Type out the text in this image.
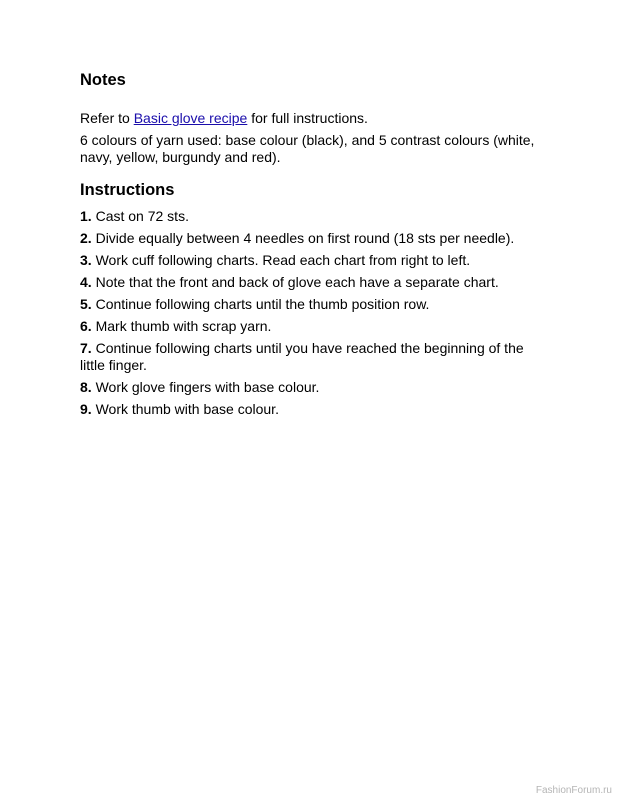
Notes

Refer to Basic glove recipe for full instructions.

6 colours of yarn used: base colour (black), and 5 contrast colours (white, navy, yellow, burgundy and red).

Instructions
1. Cast on 72 sts.
2. Divide equally between 4 needles on first round (18 sts per needle).
3. Work cuff following charts. Read each chart from right to left.
4. Note that the front and back of glove each have a separate chart.
5. Continue following charts until the thumb position row.
6. Mark thumb with scrap yarn.
7. Continue following charts until you have reached the beginning of the little finger.
8. Work glove fingers with base colour.
9. Work thumb with base colour.
FashionForum.ru
